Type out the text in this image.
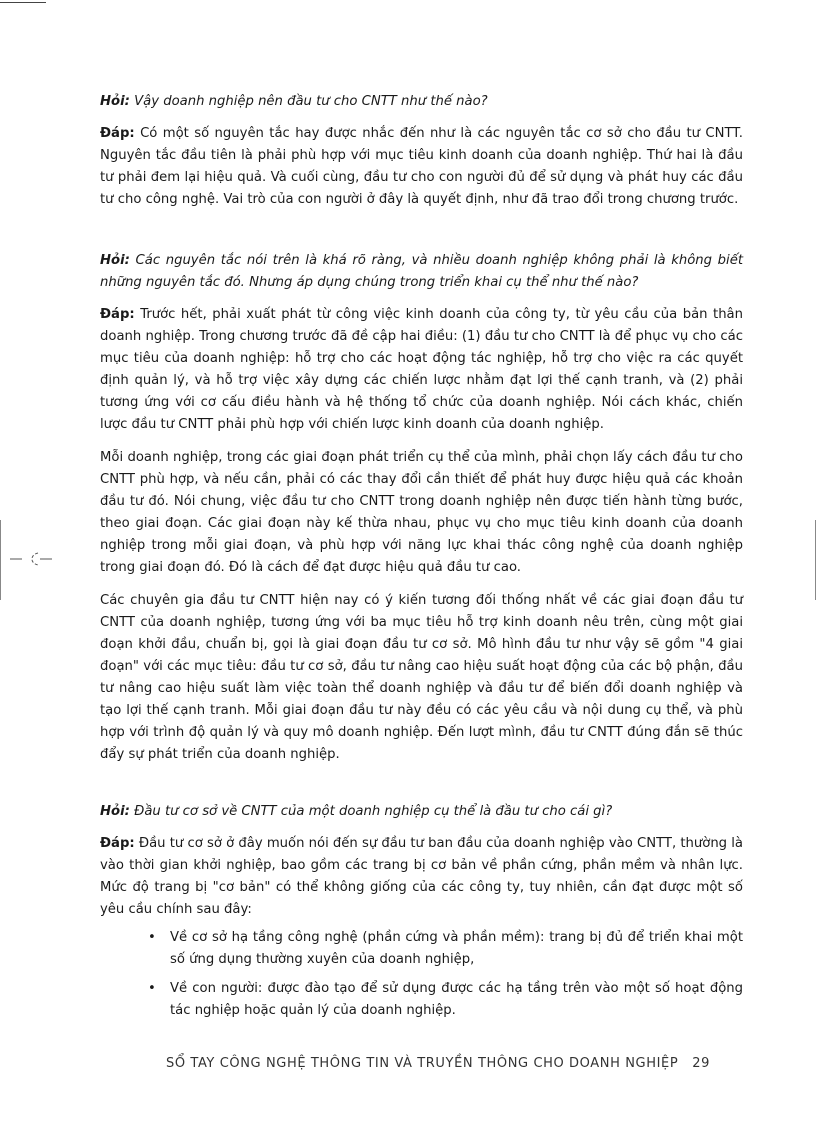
Hỏi: Vậy doanh nghiệp nên đầu tư cho CNTT như thế nào?

Đáp: Có một số nguyên tắc hay được nhắc đến như là các nguyên tắc cơ sở cho đầu tư CNTT. Nguyên tắc đầu tiên là phải phù hợp với mục tiêu kinh doanh của doanh nghiệp. Thứ hai là đầu tư phải đem lại hiệu quả. Và cuối cùng, đầu tư cho con người đủ để sử dụng và phát huy các đầu tư cho công nghệ. Vai trò của con người ở đây là quyết định, như đã trao đổi trong chương trước.

Hỏi: Các nguyên tắc nói trên là khá rõ ràng, và nhiều doanh nghiệp không phải là không biết những nguyên tắc đó. Nhưng áp dụng chúng trong triển khai cụ thể như thế nào?

Đáp: Trước hết, phải xuất phát từ công việc kinh doanh của công ty, từ yêu cầu của bản thân doanh nghiệp. Trong chương trước đã đề cập hai điều: (1) đầu tư cho CNTT là để phục vụ cho các mục tiêu của doanh nghiệp: hỗ trợ cho các hoạt động tác nghiệp, hỗ trợ cho việc ra các quyết định quản lý, và hỗ trợ việc xây dựng các chiến lược nhằm đạt lợi thế cạnh tranh, và (2) phải tương ứng với cơ cấu điều hành và hệ thống tổ chức của doanh nghiệp. Nói cách khác, chiến lược đầu tư CNTT phải phù hợp với chiến lược kinh doanh của doanh nghiệp.

Mỗi doanh nghiệp, trong các giai đoạn phát triển cụ thể của mình, phải chọn lấy cách đầu tư cho CNTT phù hợp, và nếu cần, phải có các thay đổi cần thiết để phát huy được hiệu quả các khoản đầu tư đó. Nói chung, việc đầu tư cho CNTT trong doanh nghiệp nên được tiến hành từng bước, theo giai đoạn. Các giai đoạn này kế thừa nhau, phục vụ cho mục tiêu kinh doanh của doanh nghiệp trong mỗi giai đoạn, và phù hợp với năng lực khai thác công nghệ của doanh nghiệp trong giai đoạn đó. Đó là cách để đạt được hiệu quả đầu tư cao.

Các chuyên gia đầu tư CNTT hiện nay có ý kiến tương đối thống nhất về các giai đoạn đầu tư CNTT của doanh nghiệp, tương ứng với ba mục tiêu hỗ trợ kinh doanh nêu trên, cùng một giai đoạn khởi đầu, chuẩn bị, gọi là giai đoạn đầu tư cơ sở. Mô hình đầu tư như vậy sẽ gồm "4 giai đoạn" với các mục tiêu: đầu tư cơ sở, đầu tư nâng cao hiệu suất hoạt động của các bộ phận, đầu tư nâng cao hiệu suất làm việc toàn thể doanh nghiệp và đầu tư để biến đổi doanh nghiệp và tạo lợi thế cạnh tranh. Mỗi giai đoạn đầu tư này đều có các yêu cầu và nội dung cụ thể, và phù hợp với trình độ quản lý và quy mô doanh nghiệp. Đến lượt mình, đầu tư CNTT đúng đắn sẽ thúc đẩy sự phát triển của doanh nghiệp.

Hỏi: Đầu tư cơ sở về CNTT của một doanh nghiệp cụ thể là đầu tư cho cái gì?

Đáp: Đầu tư cơ sở ở đây muốn nói đến sự đầu tư ban đầu của doanh nghiệp vào CNTT, thường là vào thời gian khởi nghiệp, bao gồm các trang bị cơ bản về phần cứng, phần mềm và nhân lực. Mức độ trang bị "cơ bản" có thể không giống của các công ty, tuy nhiên, cần đạt được một số yêu cầu chính sau đây:

• Về cơ sở hạ tầng công nghệ (phần cứng và phần mềm): trang bị đủ để triển khai một số ứng dụng thường xuyên của doanh nghiệp,
• Về con người: được đào tạo để sử dụng được các hạ tầng trên vào một số hoạt động tác nghiệp hoặc quản lý của doanh nghiệp.
SỔ TAY CÔNG NGHỆ THÔNG TIN VÀ TRUYỀN THÔNG CHO DOANH NGHIỆP 29
